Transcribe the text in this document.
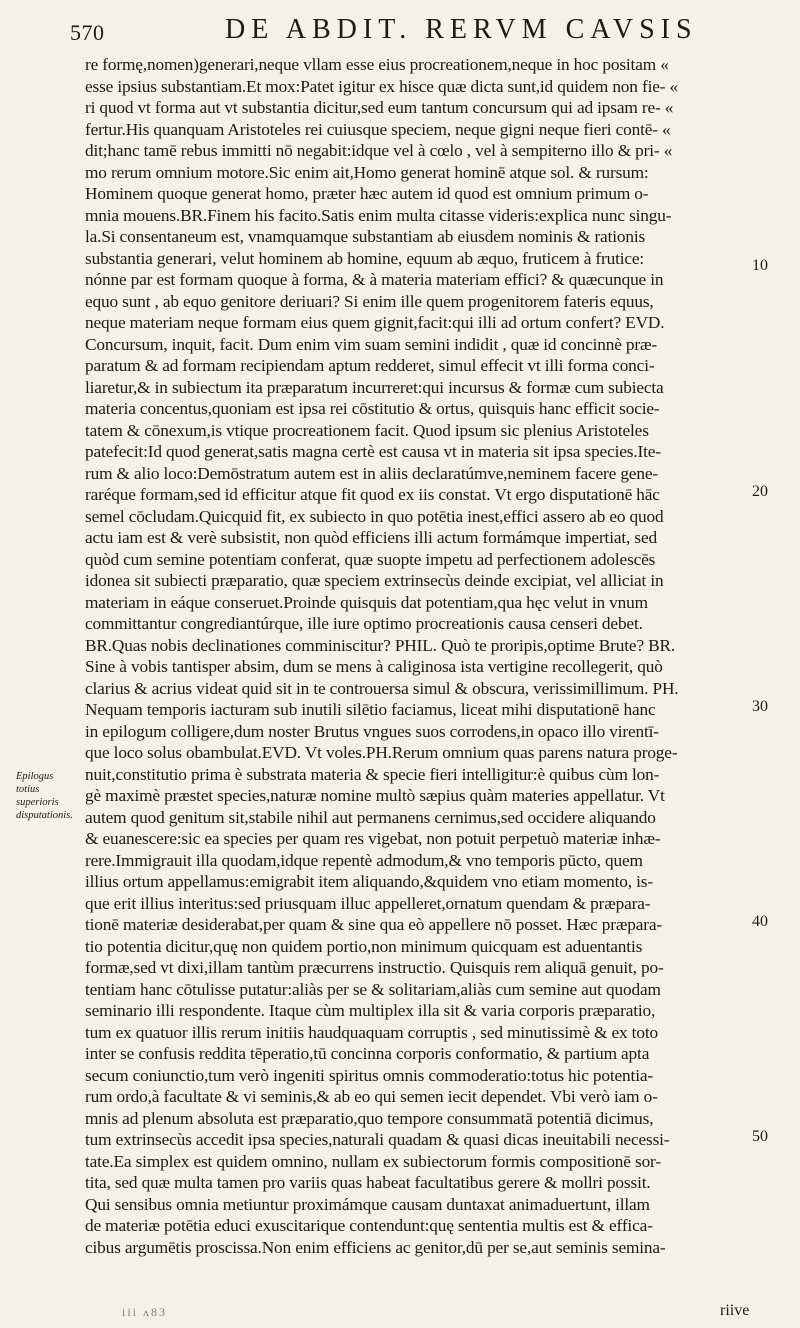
570	DE ABDIT. RERVM CAVSIS
re formę,nomen)generari,neque vllam esse eius procreationem,neque in hoc positam «
esse ipsius substantiam.Et mox:Patet igitur ex hisce quæ dicta sunt,id quidem non fie- «
ri quod vt forma aut vt substantia dicitur,sed eum tantum concursum qui ad ipsam re- «
fertur.His quanquam Aristoteles rei cuiusque speciem, neque gigni neque fieri contē- «
dit;hanc tamē rebus immitti nō negabit:idque vel à cœlo , vel à sempiterno illo & pri- «
mo rerum omnium motore.Sic enim ait,Homo generat hominē atque sol. & rursum:
Hominem quoque generat homo, præter hæc autem id quod est omnium primum o-
mnia mouens.BR.Finem his facito.Satis enim multa citasse videris:explica nunc singu-
la.Si consentaneum est, vnamquamque substantiam ab eiusdem nominis & rationis
substantia generari, velut hominem ab homine, equum ab æquo, fruticem à frutice:
nónne par est formam quoque à forma, & à materia materiam effici? & quæcunque in
equo sunt , ab equo genitore deriuari? Si enim ille quem progenitorem fateris equus,
neque materiam neque formam eius quem gignit,facit:qui illi ad ortum confert? EVD.
Concursum, inquit, facit. Dum enim vim suam semini indidit , quæ id concinnè præ-
paratum & ad formam recipiendam aptum redderet, simul effecit vt illi forma conci-
liaretur,& in subiectum ita præparatum incurreret:qui incursus & formæ cum subiecta
materia concentus,quoniam est ipsa rei cōstitutio & ortus, quisquis hanc efficit socie-
tatem & cōnexum,is vtique procreationem facit. Quod ipsum sic plenius Aristoteles
patefecit:Id quod generat,satis magna certè est causa vt in materia sit ipsa species.Ite-
rum & alio loco:Demōstratum autem est in aliis declaratúmve,neminem facere gene-
raréque formam,sed id efficitur atque fit quod ex iis constat. Vt ergo disputationē hāc
semel cōcludam.Quicquid fit, ex subiecto in quo potētia inest,effici assero ab eo quod
actu iam est & verè subsistit, non quòd efficiens illi actum formámque impertiat, sed
quòd cum semine potentiam conferat, quæ suopte impetu ad perfectionem adolescēs
idonea sit subiecti præparatio, quæ speciem extrinsecùs deinde excipiat, vel alliciat in
materiam in eáque conseruet.Proinde quisquis dat potentiam,qua hęc velut in vnum
committantur congrediantúrque, ille iure optimo procreationis causa censeri debet.
BR.Quas nobis declinationes comminiscitur? PHIL. Quò te proripis,optime Brute? BR.
Sine à vobis tantisper absim, dum se mens à caliginosa ista vertigine recollegerit, quò
clarius & acrius videat quid sit in te controuersa simul & obscura, verissimillimum. PH.
Nequam temporis iacturam sub inutili silētio faciamus, liceat mihi disputationē hanc
in epilogum colligere,dum noster Brutus vngues suos corrodens,in opaco illo virentī-
que loco solus obambulat.EVD. Vt voles.PH.Rerum omnium quas parens natura proge-
nuit,constitutio prima è substrata materia & specie fieri intelligitur:è quibus cùm lon-
gè maximè præstet species,naturæ nomine multò sæpius quàm materies appellatur. Vt
autem quod genitum sit,stabile nihil aut permanens cernimus,sed occidere aliquando
& euanescere:sic ea species per quam res vigebat, non potuit perpetuò materiæ inhæ-
rere.Immigrauit illa quodam,idque repentè admodum,& vno temporis pūcto, quem
illius ortum appellamus:emigrabit item aliquando,&quidem vno etiam momento, is-
que erit illius interitus:sed priusquam illuc appelleret,ornatum quendam & præpara-
tionē materiæ desiderabat,per quam & sine qua eò appellere nō posset. Hæc præpara-
tio potentia dicitur,quę non quidem portio,non minimum quicquam est aduentantis
formæ,sed vt dixi,illam tantùm præcurrens instructio. Quisquis rem aliquā genuit, po-
tentiam hanc cōtulisse putatur:aliàs per se & solitariam,aliàs cum semine aut quodam
seminario illi respondente. Itaque cùm multiplex illa sit & varia corporis præparatio,
tum ex quatuor illis rerum initiis haudquaquam corruptis , sed minutissimè & ex toto
inter se confusis reddita tēperatio,tū concinna corporis conformatio, & partium apta
secum coniunctio,tum verò ingeniti spiritus omnis commoderatio:totus hic potentia-
rum ordo,à facultate & vi seminis,& ab eo qui semen iecit dependet. Vbi verò iam o-
mnis ad plenum absoluta est præparatio,quo tempore consummatā potentiā dicimus,
tum extrinsecùs accedit ipsa species,naturali quadam & quasi dicas ineuitabili necessi-
tate.Ea simplex est quidem omnino, nullam ex subiectorum formis compositionē sor-
tita, sed quæ multa tamen pro variis quas habeat facultatibus gerere & mollri possit.
Qui sensibus omnia metiuntur proximámque causam duntaxat animaduertunt, illam
de materiæ potētia educi exuscitarique contendunt:quę sententia multis est & effica-
cibus argumētis proscissa.Non enim efficiens ac genitor,dū per se,aut seminis semina-
10
20
30
40
50
Epilogus totius superioris disputationis.
iii ʌ83	riive
